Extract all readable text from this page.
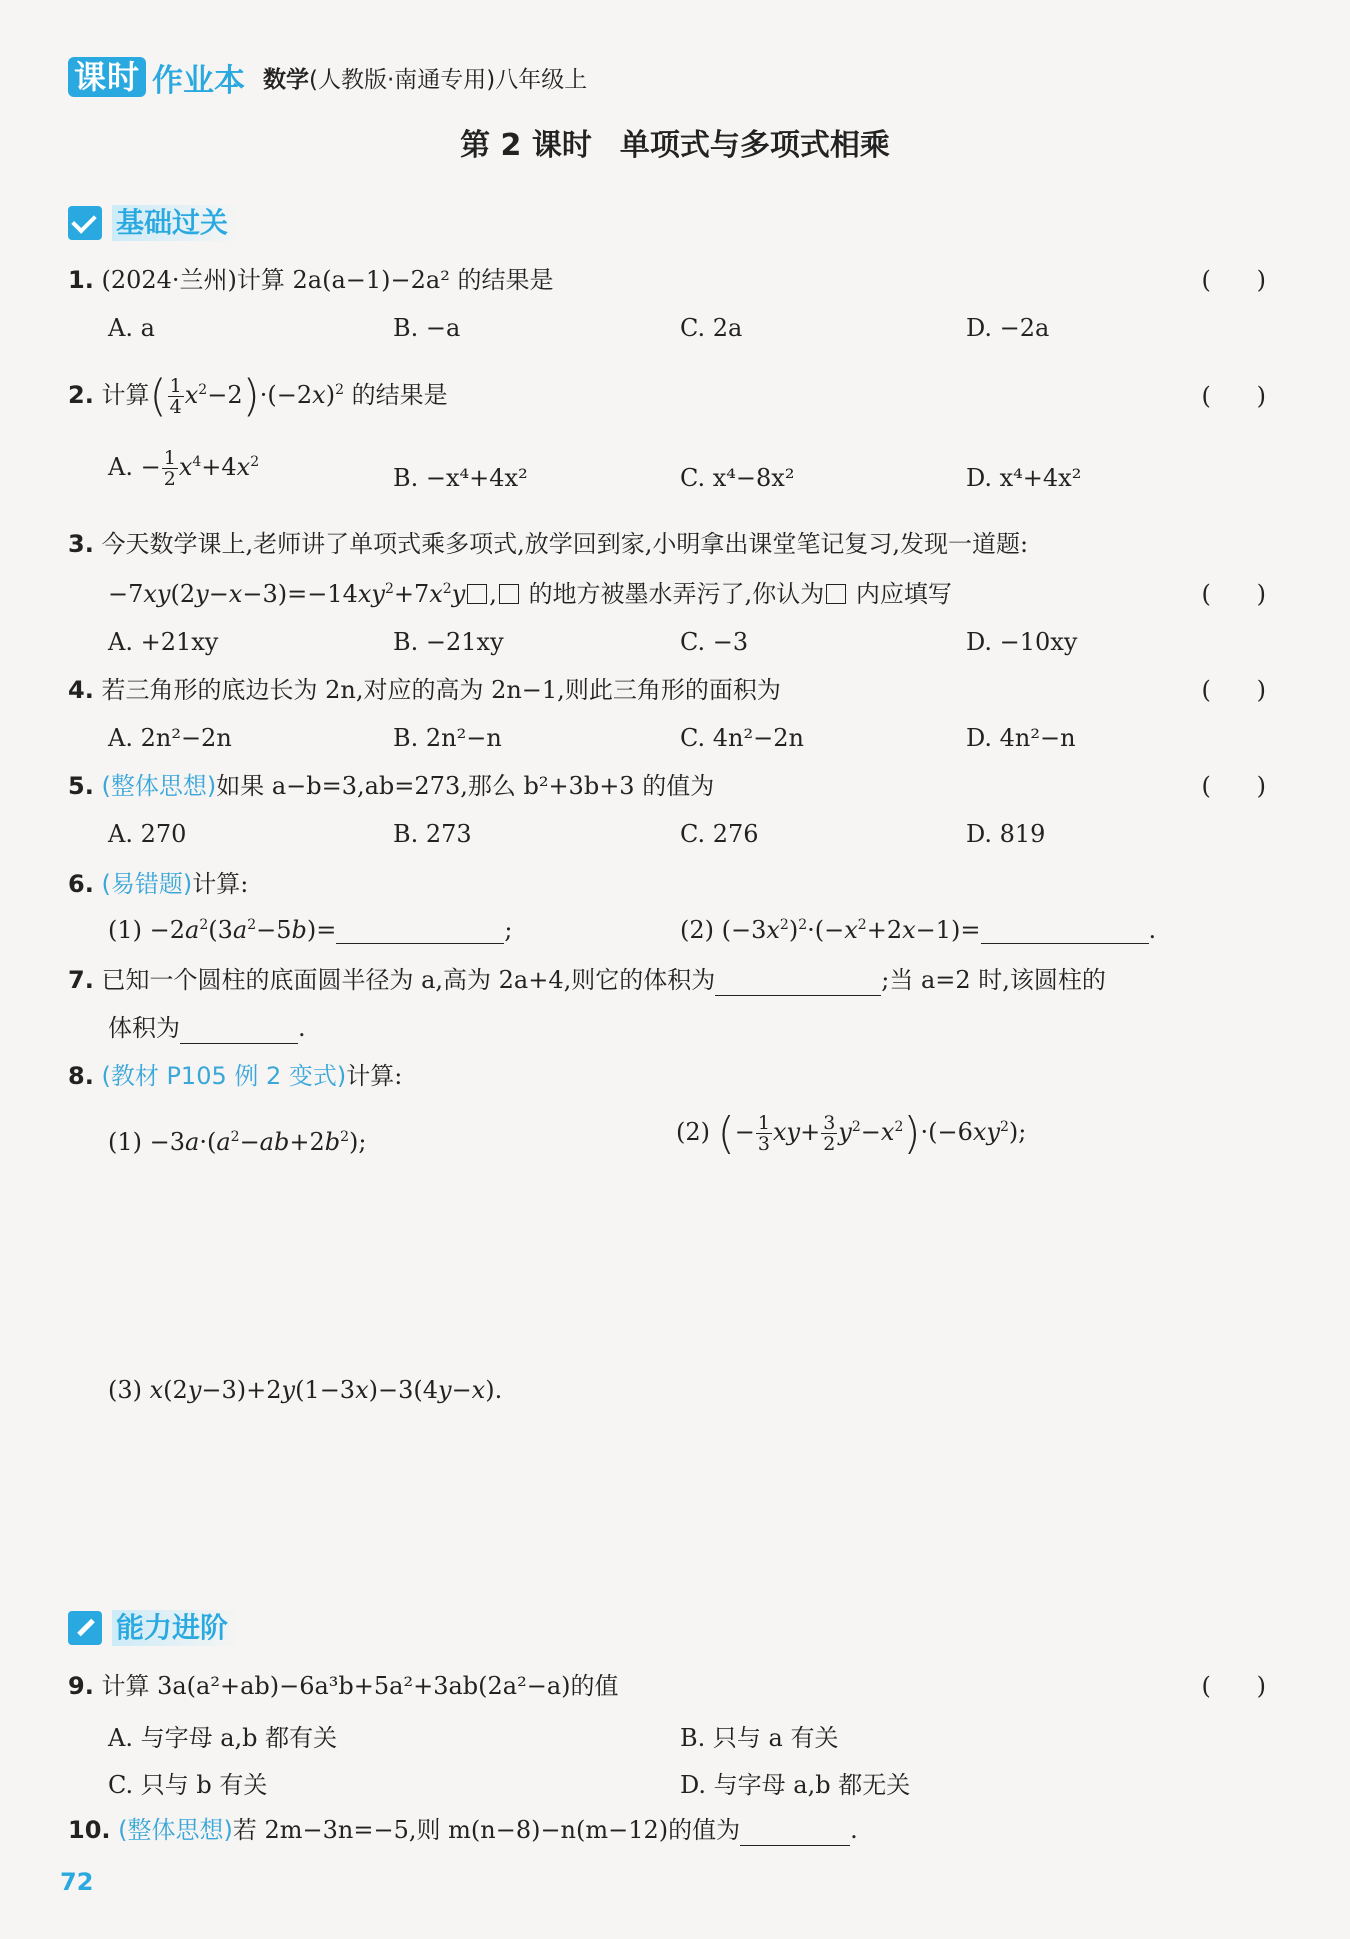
课时 作业本 数学(人教版·南通专用)八年级上
第 2 课时 单项式与多项式相乘
基础过关
1. (2024·兰州)计算 2a(a−1)−2a² 的结果是	(      )
A. a	B. −a	C. 2a	D. −2a
2. 计算( $\frac{1}{4} x^2-2)\cdot(-2x)^2$ 的结果是	(      )
A. − $\frac{1}{2} x^4+4x^2$
B. −x⁴+4x²	C. x⁴−8x²	D. x⁴+4x²
3. 今天数学课上,老师讲了单项式乘多项式,放学回到家,小明拿出课堂笔记复习,发现一道题:
$-7xy(2y-x-3)=-14xy^2+7x^2y$ , 的地方被墨水弄污了,你认为 内应填写	(      )
A. +21xy	B. −21xy	C. −3	D. −10xy
4. 若三角形的底边长为 2n,对应的高为 2n−1,则此三角形的面积为	(      )
A. 2n²−2n	B. 2n²−n	C. 4n²−2n	D. 4n²−n
5. (整体思想)如果 a−b=3,ab=273,那么 b²+3b+3 的值为	(      )
A. 270	B. 273	C. 276	D. 819
6. (易错题)计算:
$(1) -2a^2(3a^2-5b)=$	;	(2) $(-3x^2)^2\cdot(-x^2+2x-1)=$	.
7. 已知一个圆柱的底面圆半径为 a,高为 2a+4,则它的体积为	;当 a=2 时,该圆柱的
体积为	.
8. (教材 P105 例 2 变式)计算:
$(1) -3a\cdot(a^2-ab+2b^2)$;	(2) (− $\frac{1}{3} xy+ \frac{3}{2} y^2-x^2)\cdot(-6xy^2)$;
(3) x(2y−3)+2y(1−3x)−3(4y−x).
能力进阶
9. 计算 3a(a²+ab)−6a³b+5a²+3ab(2a²−a)的值	(      )
A. 与字母 a,b 都有关	B. 只与 a 有关
C. 只与 b 有关	D. 与字母 a,b 都无关
10. (整体思想)若 2m−3n=−5,则 m(n−8)−n(m−12)的值为	.
72
